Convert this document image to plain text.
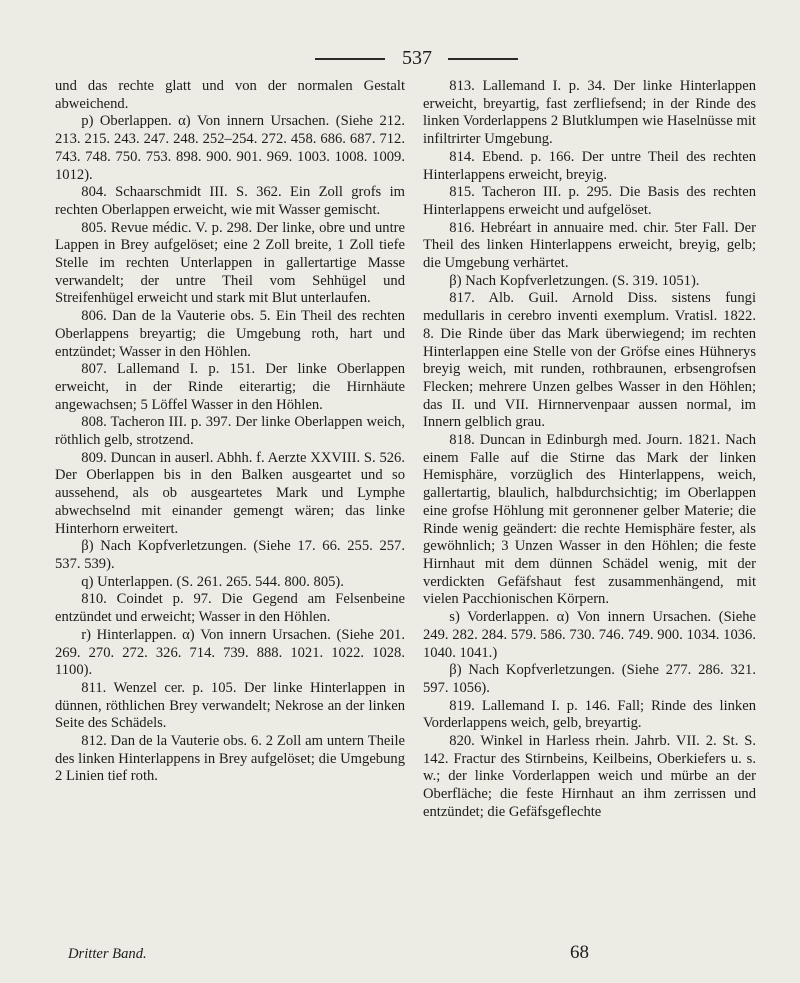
537

und das rechte glatt und von der normalen Gestalt abweichend.

p) Oberlappen. α) Von innern Ursachen. (Siehe 212. 213. 215. 243. 247. 248. 252–254. 272. 458. 686. 687. 712. 743. 748. 750. 753. 898. 900. 901. 969. 1003. 1008. 1009. 1012).

804. Schaarschmidt III. S. 362. Ein Zoll grofs im rechten Oberlappen erweicht, wie mit Wasser gemischt.

805. Revue médic. V. p. 298. Der linke, obre und untre Lappen in Brey aufgelöset; eine 2 Zoll breite, 1 Zoll tiefe Stelle im rechten Unterlappen in gallertartige Masse verwandelt; der untre Theil vom Sehhügel und Streifenhügel erweicht und stark mit Blut unterlaufen.

806. Dan de la Vauterie obs. 5. Ein Theil des rechten Oberlappens breyartig; die Umgebung roth, hart und entzündet; Wasser in den Höhlen.

807. Lallemand I. p. 151. Der linke Oberlappen erweicht, in der Rinde eiterartig; die Hirnhäute angewachsen; 5 Löffel Wasser in den Höhlen.

808. Tacheron III. p. 397. Der linke Oberlappen weich, röthlich gelb, strotzend.

809. Duncan in auserl. Abhh. f. Aerzte XXVIII. S. 526. Der Oberlappen bis in den Balken ausgeartet und so aussehend, als ob ausgeartetes Mark und Lymphe abwechselnd mit einander gemengt wären; das linke Hinterhorn erweitert.

β) Nach Kopfverletzungen. (Siehe 17. 66. 255. 257. 537. 539).

q) Unterlappen. (S. 261. 265. 544. 800. 805).

810. Coindet p. 97. Die Gegend am Felsenbeine entzündet und erweicht; Wasser in den Höhlen.

r) Hinterlappen. α) Von innern Ursachen. (Siehe 201. 269. 270. 272. 326. 714. 739. 888. 1021. 1022. 1028. 1100).

811. Wenzel cer. p. 105. Der linke Hinterlappen in dünnen, röthlichen Brey verwandelt; Nekrose an der linken Seite des Schädels.

812. Dan de la Vauterie obs. 6. 2 Zoll am untern Theile des linken Hinterlappens in Brey aufgelöset; die Umgebung 2 Linien tief roth.

813. Lallemand I. p. 34. Der linke Hinterlappen erweicht, breyartig, fast zerfliefsend; in der Rinde des linken Vorderlappens 2 Blutklumpen wie Haselnüsse mit infiltrirter Umgebung.

814. Ebend. p. 166. Der untre Theil des rechten Hinterlappens erweicht, breyig.

815. Tacheron III. p. 295. Die Basis des rechten Hinterlappens erweicht und aufgelöset.

816. Hebréart in annuaire med. chir. 5ter Fall. Der Theil des linken Hinterlappens erweicht, breyig, gelb; die Umgebung verhärtet.

β) Nach Kopfverletzungen. (S. 319. 1051).

817. Alb. Guil. Arnold Diss. sistens fungi medullaris in cerebro inventi exemplum. Vratisl. 1822. 8. Die Rinde über das Mark überwiegend; im rechten Hinterlappen eine Stelle von der Gröfse eines Hühnerys breyig weich, mit runden, rothbraunen, erbsengrofsen Flecken; mehrere Unzen gelbes Wasser in den Höhlen; das II. und VII. Hirnnervenpaar aussen normal, im Innern gelblich grau.

818. Duncan in Edinburgh med. Journ. 1821. Nach einem Falle auf die Stirne das Mark der linken Hemisphäre, vorzüglich des Hinterlappens, weich, gallertartig, blaulich, halbdurchsichtig; im Oberlappen eine grofse Höhlung mit geronnener gelber Materie; die Rinde wenig geändert: die rechte Hemisphäre fester, als gewöhnlich; 3 Unzen Wasser in den Höhlen; die feste Hirnhaut mit dem dünnen Schädel wenig, mit der verdickten Gefäfshaut fest zusammenhängend, mit vielen Pacchionischen Körpern.

s) Vorderlappen. α) Von innern Ursachen. (Siehe 249. 282. 284. 579. 586. 730. 746. 749. 900. 1034. 1036. 1040. 1041.)

β) Nach Kopfverletzungen. (Siehe 277. 286. 321. 597. 1056).

819. Lallemand I. p. 146. Fall; Rinde des linken Vorderlappens weich, gelb, breyartig.

820. Winkel in Harless rhein. Jahrb. VII. 2. St. S. 142. Fractur des Stirnbeins, Keilbeins, Oberkiefers u. s. w.; der linke Vorderlappen weich und mürbe an der Oberfläche; die feste Hirnhaut an ihm zerrissen und entzündet; die Gefäfsgeflechte

Dritter Band.	68
